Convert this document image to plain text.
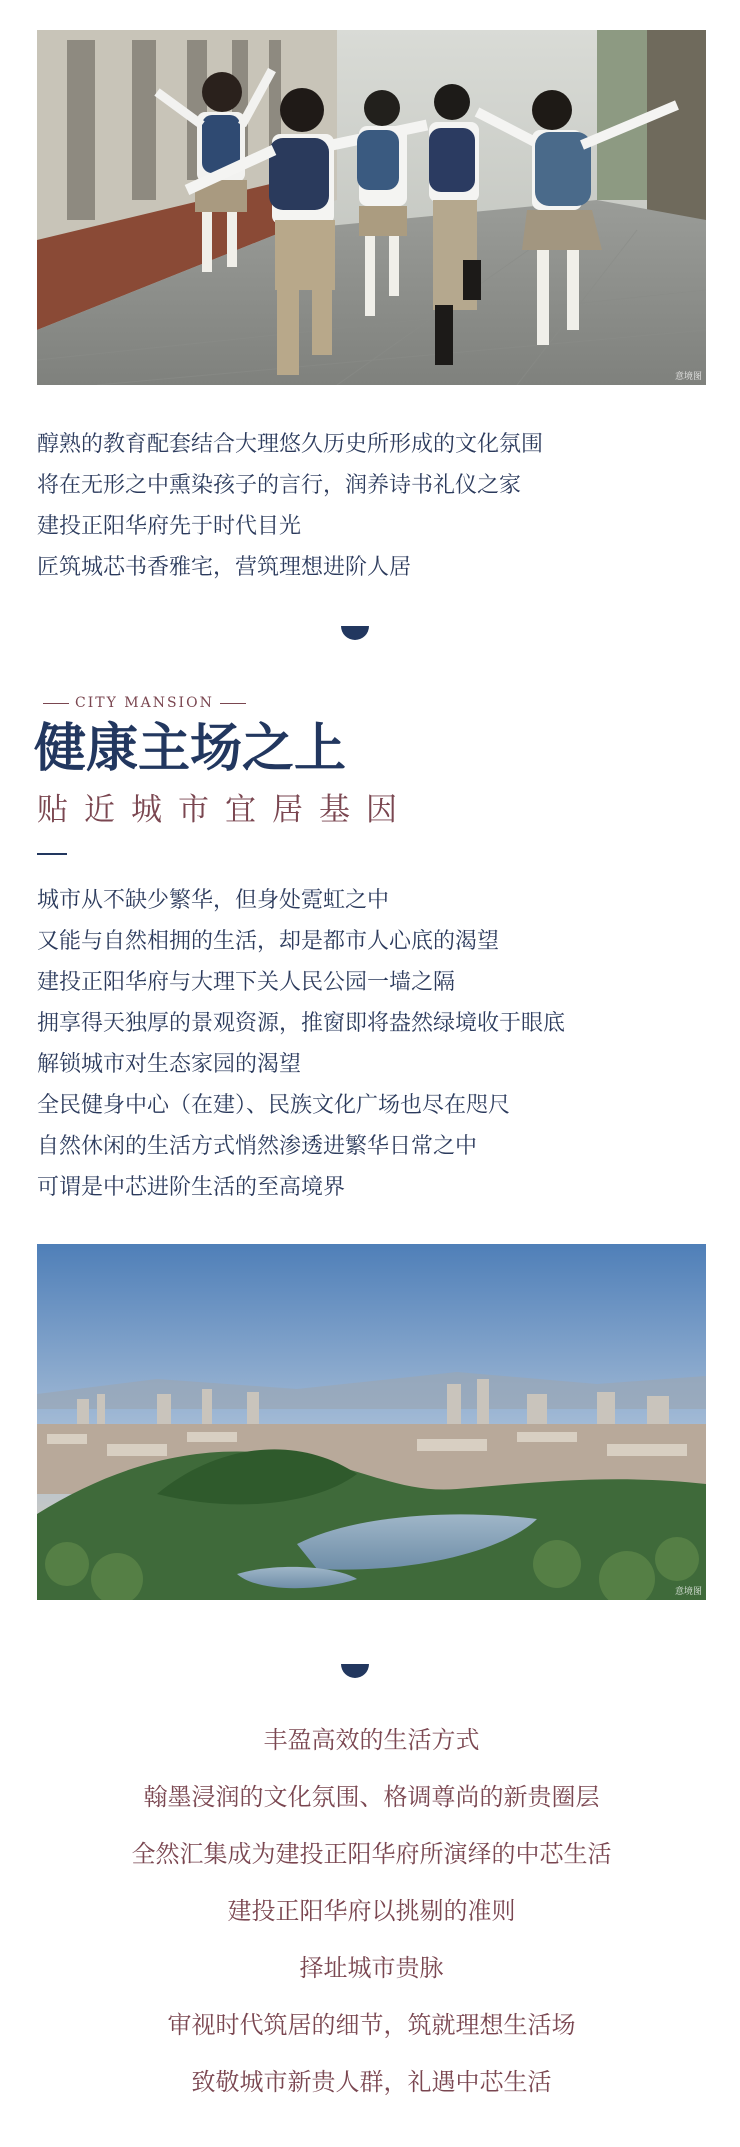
意境图
醇熟的教育配套结合大理悠久历史所形成的文化氛围
将在无形之中熏染孩子的言行，润养诗书礼仪之家
建投正阳华府先于时代目光
匠筑城芯书香雅宅，营筑理想进阶人居
CITY MANSION
健康主场之上

贴近城市宜居基因

城市从不缺少繁华，但身处霓虹之中
又能与自然相拥的生活，却是都市人心底的渴望
建投正阳华府与大理下关人民公园一墙之隔
拥享得天独厚的景观资源，推窗即将盎然绿境收于眼底
解锁城市对生态家园的渴望
全民健身中心（在建）、民族文化广场也尽在咫尺
自然休闲的生活方式悄然渗透进繁华日常之中
可谓是中芯进阶生活的至高境界
意境图
丰盈高效的生活方式
翰墨浸润的文化氛围、格调尊尚的新贵圈层
全然汇集成为建投正阳华府所演绎的中芯生活
建投正阳华府以挑剔的准则
择址城市贵脉
审视时代筑居的细节，筑就理想生活场
致敬城市新贵人群，礼遇中芯生活
